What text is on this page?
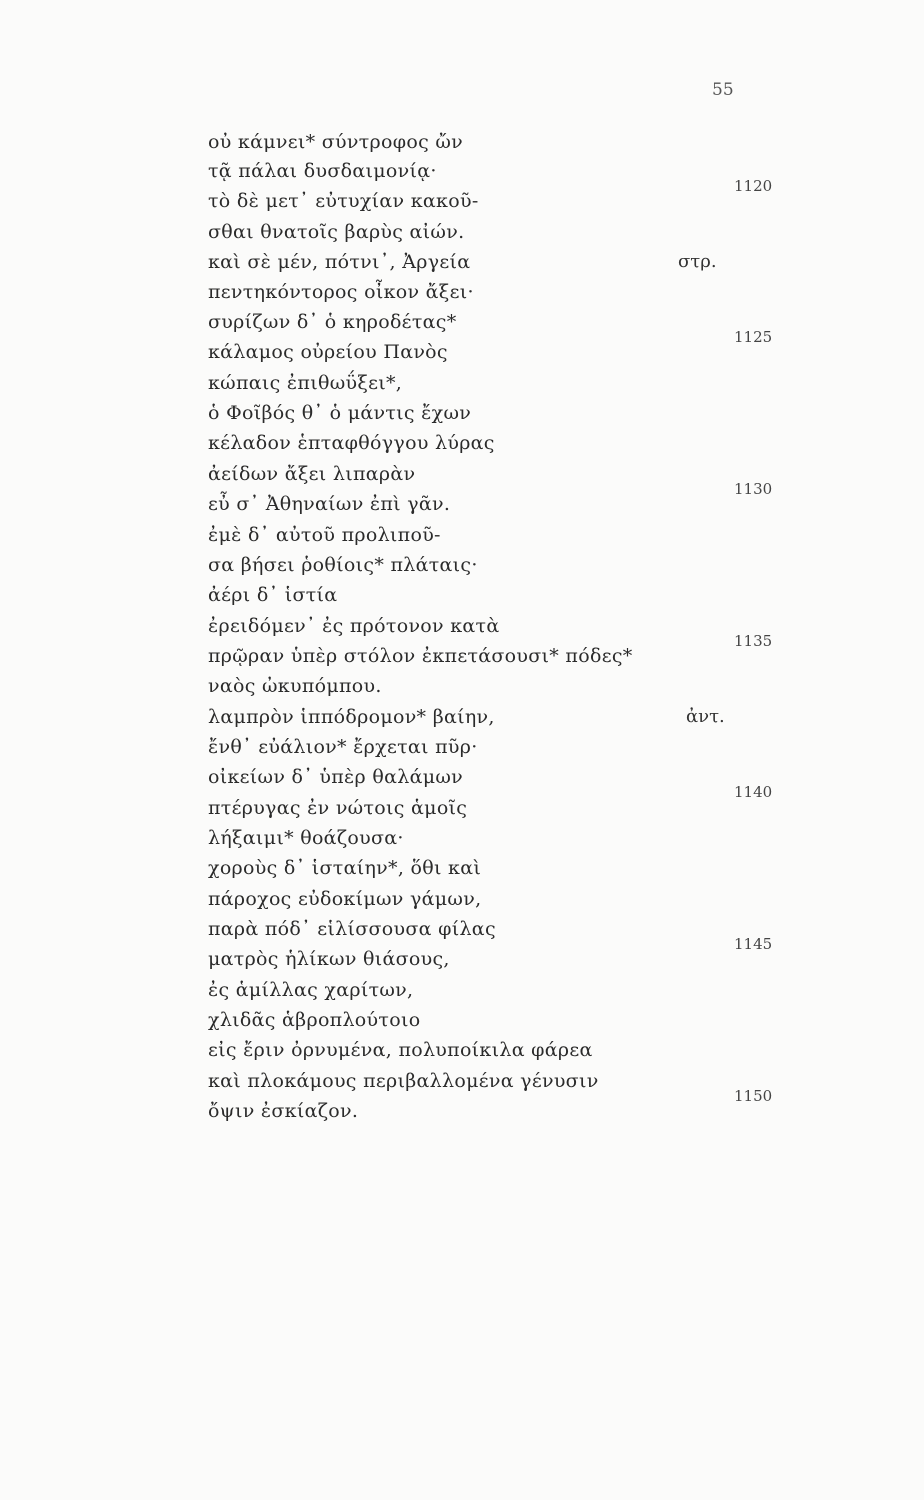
55
οὐ κάμνει* σύντροφος ὤν
τᾷ πάλαι δυσδαιμονίᾳ·
τὸ δὲ μετ᾽ εὐτυχίαν κακοῦ-
σθαι θνατοῖς βαρὺς αἰών.
καὶ σὲ μέν, πότνι᾽, Ἀργεία
πεντηκόντορος οἶκον ἄξει·
συρίζων δ᾽ ὁ κηροδέτας*
κάλαμος οὐρείου Πανὸς
κώπαις ἐπιθωΰξει*,
ὁ Φοῖβός θ᾽ ὁ μάντις ἔχων
κέλαδον ἑπταφθόγγου λύρας
ἀείδων ἄξει λιπαρὰν
εὖ σ᾽ Ἀθηναίων ἐπὶ γᾶν.
ἐμὲ δ᾽ αὐτοῦ προλιποῦ-
σα βήσει ῥοθίοις* πλάταις·
ἀέρι δ᾽ ἱστία
ἐρειδόμεν᾽ ἐς πρότονον κατὰ
πρῷραν ὑπὲρ στόλον ἐκπετάσουσι* πόδες*
ναὸς ὠκυπόμπου.
λαμπρὸν ἱππόδρομον* βαίην,
ἔνθ᾽ εὐάλιον* ἔρχεται πῦρ·
οἰκείων δ᾽ ὑπὲρ θαλάμων
πτέρυγας ἐν νώτοις ἁμοῖς
λήξαιμι* θοάζουσα·
χοροὺς δ᾽ ἱσταίην*, ὅθι καὶ
πάροχος εὐδοκίμων γάμων,
παρὰ πόδ᾽ εἱλίσσουσα φίλας
ματρὸς ἡλίκων θιάσους,
ἐς ἁμίλλας χαρίτων,
χλιδᾶς ἁβροπλούτοιο
εἰς ἔριν ὀρνυμένα, πολυποίκιλα φάρεα
καὶ πλοκάμους περιβαλλομένα γένυσιν
ὄψιν ἐσκίαζον.
1120
1125
1130
1135
1140
1145
1150
στρ.
ἀντ.
